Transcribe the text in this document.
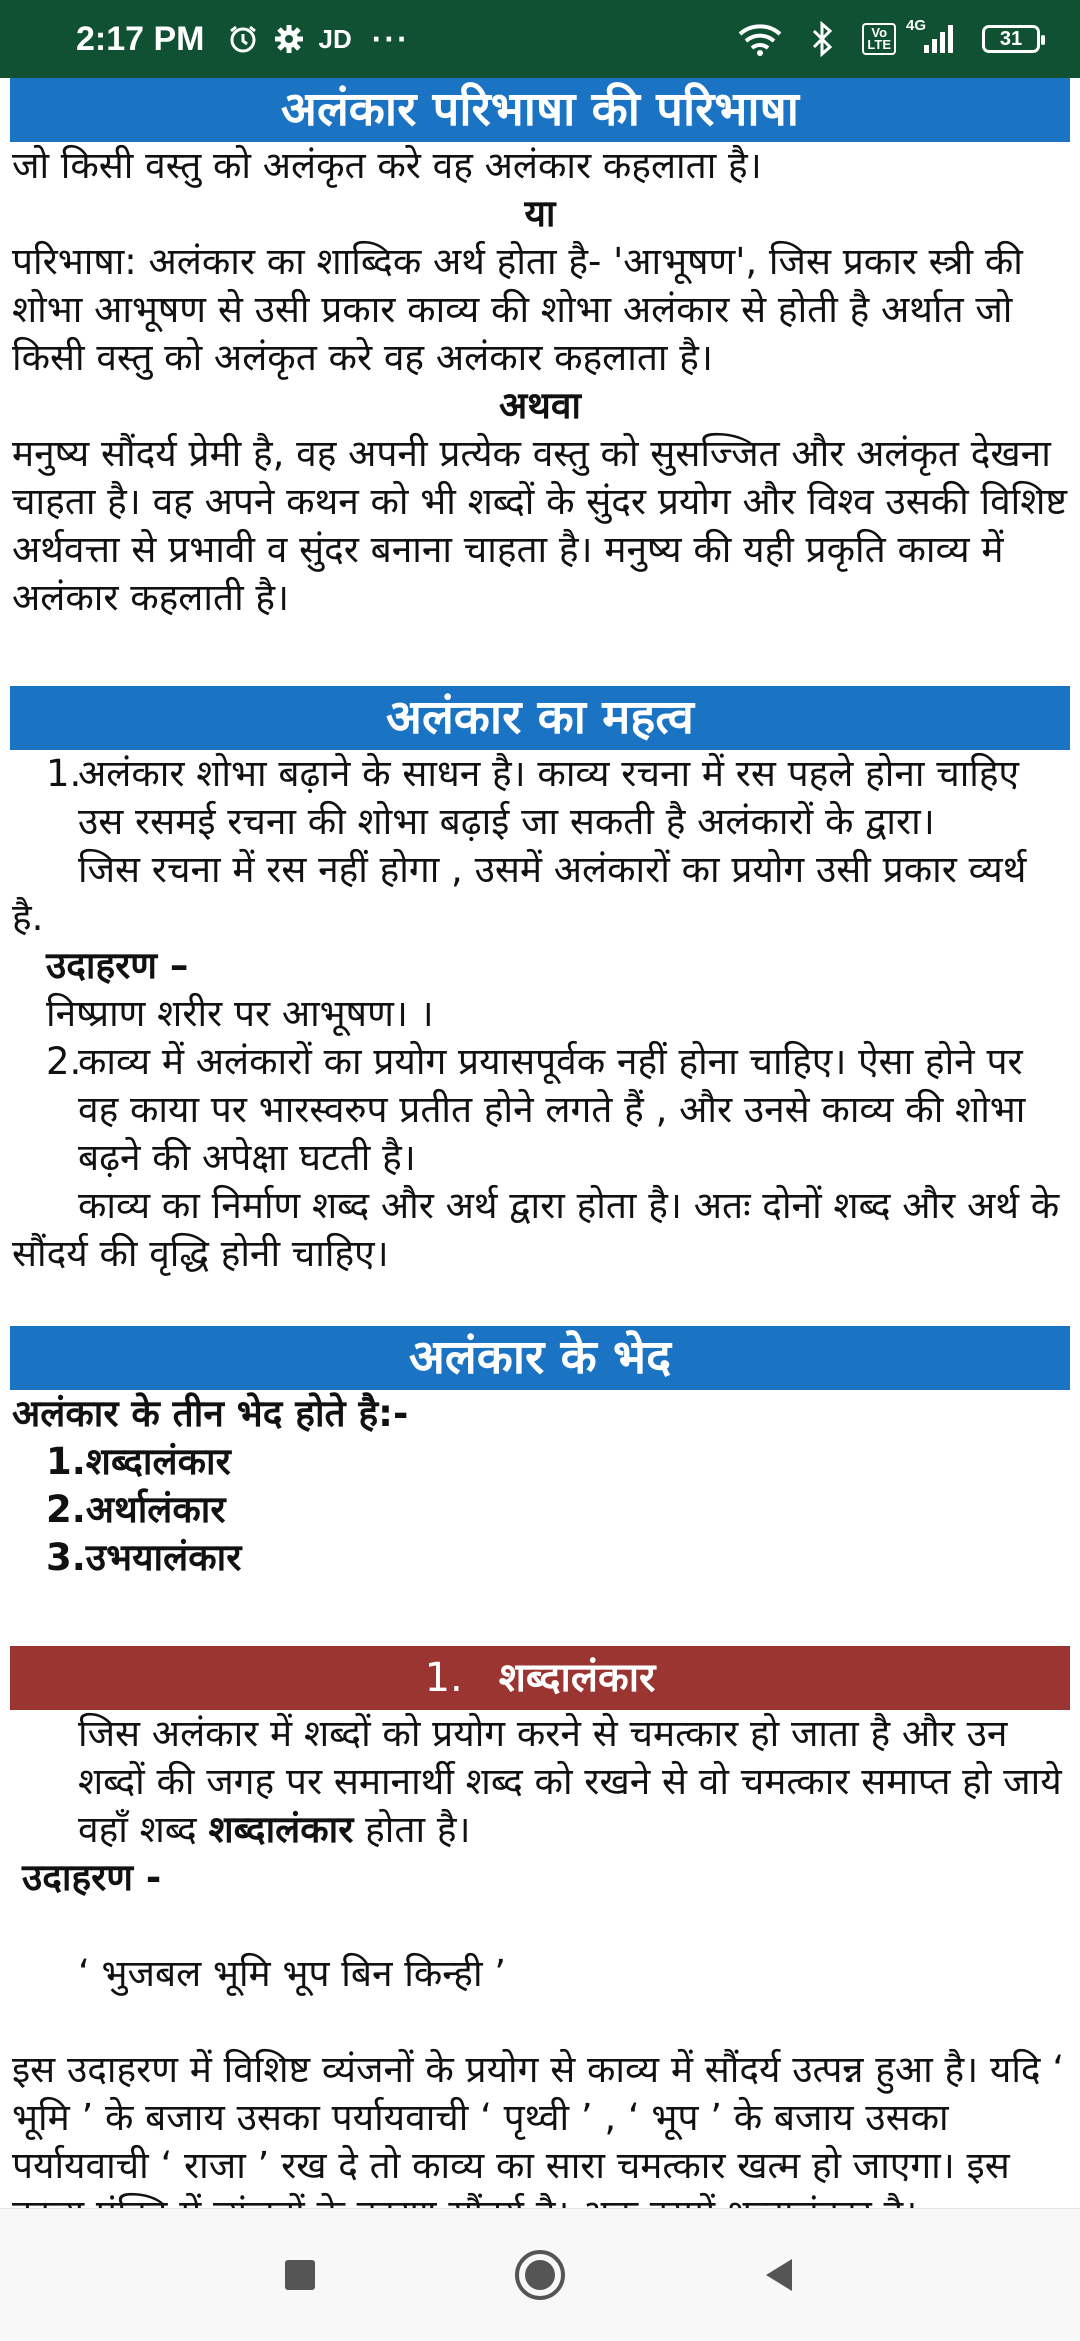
2:17 PM	JD ···	Vo
LTE
4G
31
अलंकार परिभाषा की परिभाषा

जो किसी वस्तु को अलंकृत करे वह अलंकार कहलाता है।

या

परिभाषा: अलंकार का शाब्दिक अर्थ होता है- 'आभूषण', जिस प्रकार स्त्री की शोभा आभूषण से उसी प्रकार काव्य की शोभा अलंकार से होती है अर्थात जो किसी वस्तु को अलंकृत करे वह अलंकार कहलाता है।

अथवा

मनुष्य सौंदर्य प्रेमी है, वह अपनी प्रत्येक वस्तु को सुसज्जित और अलंकृत देखना चाहता है। वह अपने कथन को भी शब्दों के सुंदर प्रयोग और विश्व उसकी विशिष्ट अर्थवत्ता से प्रभावी व सुंदर बनाना चाहता है। मनुष्य की यही प्रकृति काव्य में अलंकार कहलाती है।

अलंकार का महत्व
1.
अलंकार शोभा बढ़ाने के साधन है। काव्य रचना में रस पहले होना चाहिए उस रसमई रचना की शोभा बढ़ाई जा सकती है अलंकारों के द्वारा।

जिस रचना में रस नहीं होगा , उसमें अलंकारों का प्रयोग उसी प्रकार व्यर्थ है.

उदाहरण –

निष्प्राण शरीर पर आभूषण। ।

2.
काव्य में अलंकारों का प्रयोग प्रयासपूर्वक नहीं होना चाहिए। ऐसा होने पर वह काया पर भारस्वरुप प्रतीत होने लगते हैं , और उनसे काव्य की शोभा बढ़ने की अपेक्षा घटती है।

काव्य का निर्माण शब्द और अर्थ द्वारा होता है। अतः दोनों शब्द और अर्थ के सौंदर्य की वृद्धि होनी चाहिए।

अलंकार के भेद

अलंकार के तीन भेद होते है:-

1.शब्दालंकार

2.अर्थालंकार

3.उभयालंकार

1. शब्दालंकार

जिस अलंकार में शब्दों को प्रयोग करने से चमत्कार हो जाता है और उन शब्दों की जगह पर समानार्थी शब्द को रखने से वो चमत्कार समाप्त हो जाये वहाँ शब्द शब्दालंकार होता है।

उदाहरण -

‘ भुजबल भूमि भूप बिन किन्ही ’

इस उदाहरण में विशिष्ट व्यंजनों के प्रयोग से काव्य में सौंदर्य उत्पन्न हुआ है। यदि ‘ भूमि ’ के बजाय उसका पर्यायवाची ‘ पृथ्वी ’ , ‘ भूप ’ के बजाय उसका पर्यायवाची ‘ राजा ’ रख दे तो काव्य का सारा चमत्कार खत्म हो जाएगा। इस
